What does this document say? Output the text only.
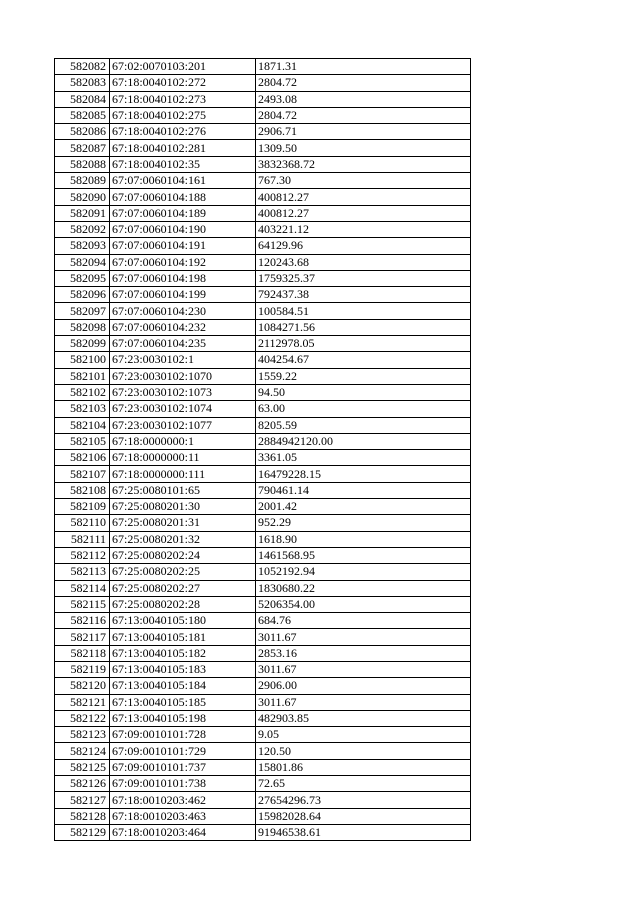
582082	67:02:0070103:201	1871.31
582083	67:18:0040102:272	2804.72
582084	67:18:0040102:273	2493.08
582085	67:18:0040102:275	2804.72
582086	67:18:0040102:276	2906.71
582087	67:18:0040102:281	1309.50
582088	67:18:0040102:35	3832368.72
582089	67:07:0060104:161	767.30
582090	67:07:0060104:188	400812.27
582091	67:07:0060104:189	400812.27
582092	67:07:0060104:190	403221.12
582093	67:07:0060104:191	64129.96
582094	67:07:0060104:192	120243.68
582095	67:07:0060104:198	1759325.37
582096	67:07:0060104:199	792437.38
582097	67:07:0060104:230	100584.51
582098	67:07:0060104:232	1084271.56
582099	67:07:0060104:235	2112978.05
582100	67:23:0030102:1	404254.67
582101	67:23:0030102:1070	1559.22
582102	67:23:0030102:1073	94.50
582103	67:23:0030102:1074	63.00
582104	67:23:0030102:1077	8205.59
582105	67:18:0000000:1	2884942120.00
582106	67:18:0000000:11	3361.05
582107	67:18:0000000:111	16479228.15
582108	67:25:0080101:65	790461.14
582109	67:25:0080201:30	2001.42
582110	67:25:0080201:31	952.29
582111	67:25:0080201:32	1618.90
582112	67:25:0080202:24	1461568.95
582113	67:25:0080202:25	1052192.94
582114	67:25:0080202:27	1830680.22
582115	67:25:0080202:28	5206354.00
582116	67:13:0040105:180	684.76
582117	67:13:0040105:181	3011.67
582118	67:13:0040105:182	2853.16
582119	67:13:0040105:183	3011.67
582120	67:13:0040105:184	2906.00
582121	67:13:0040105:185	3011.67
582122	67:13:0040105:198	482903.85
582123	67:09:0010101:728	9.05
582124	67:09:0010101:729	120.50
582125	67:09:0010101:737	15801.86
582126	67:09:0010101:738	72.65
582127	67:18:0010203:462	27654296.73
582128	67:18:0010203:463	15982028.64
582129	67:18:0010203:464	91946538.61
